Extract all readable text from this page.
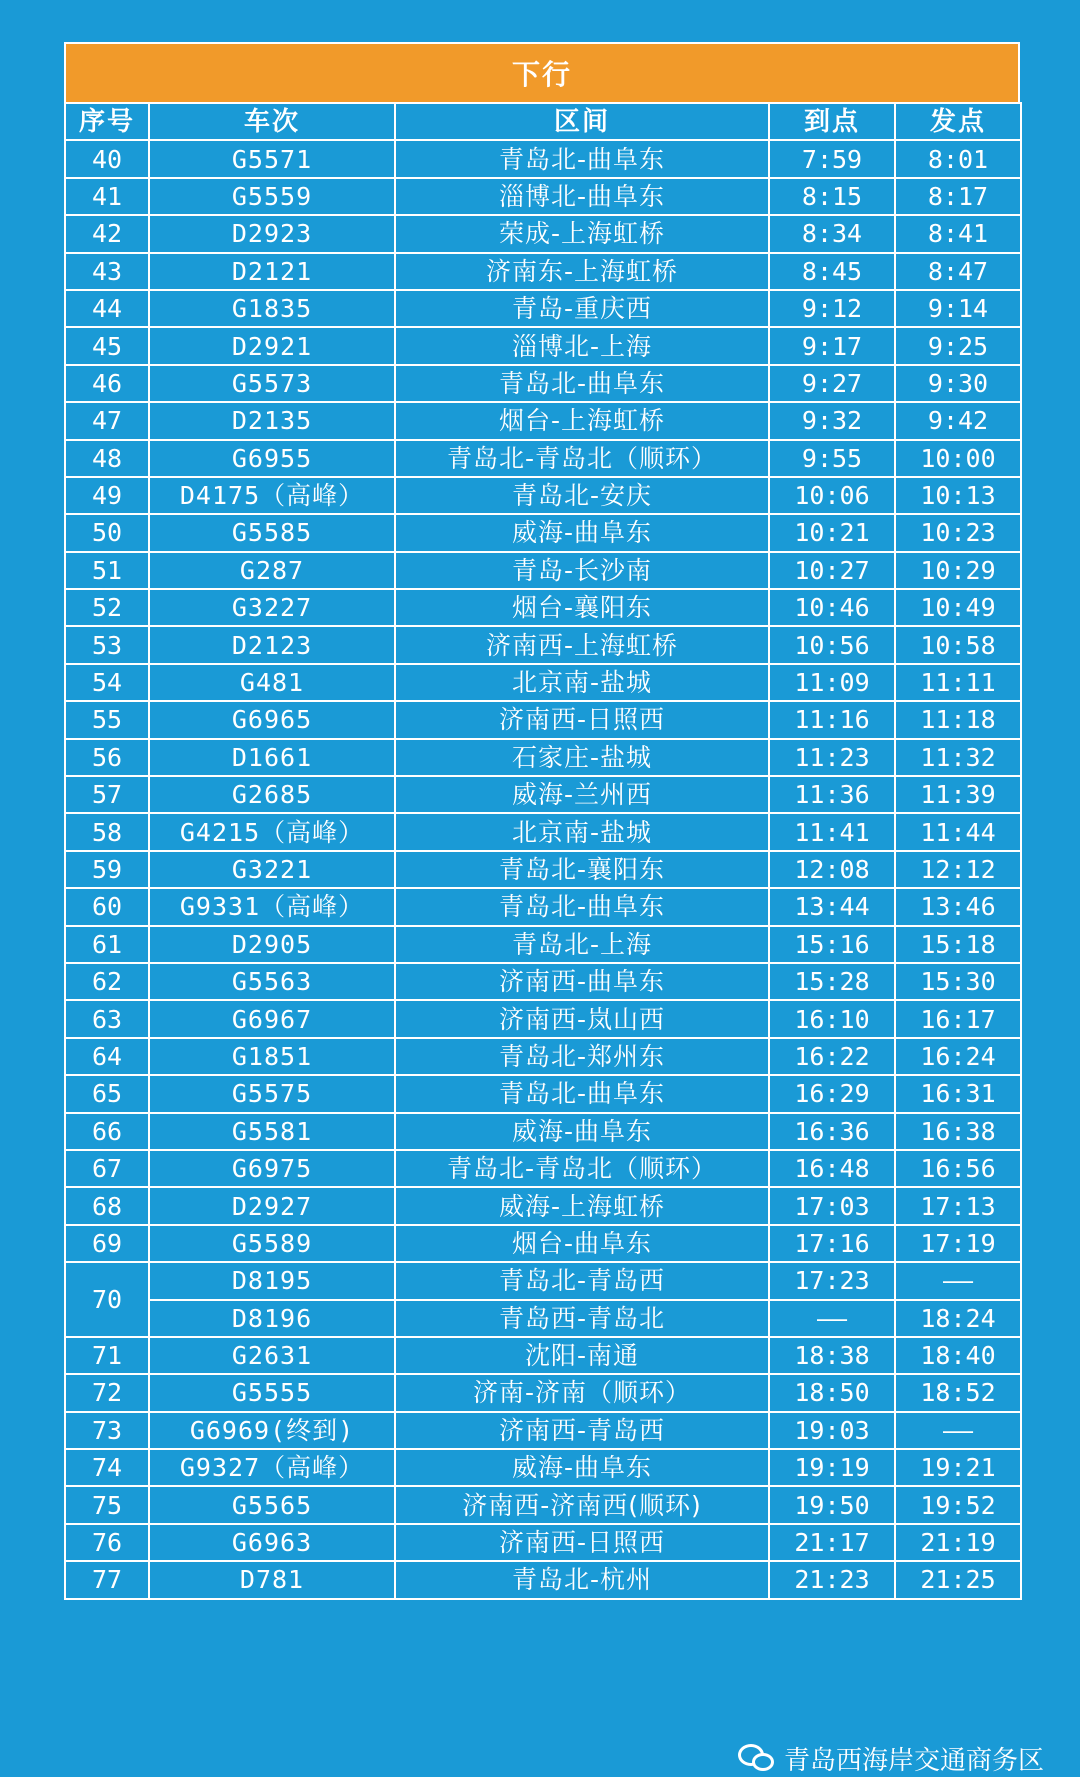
下行
序号	车次	区间	到点	发点
40	G5571	青岛北-曲阜东	7:59	8:01
41	G5559	淄博北-曲阜东	8:15	8:17
42	D2923	荣成-上海虹桥	8:34	8:41
43	D2121	济南东-上海虹桥	8:45	8:47
44	G1835	青岛-重庆西	9:12	9:14
45	D2921	淄博北-上海	9:17	9:25
46	G5573	青岛北-曲阜东	9:27	9:30
47	D2135	烟台-上海虹桥	9:32	9:42
48	G6955	青岛北-青岛北（顺环）	9:55	10:00
49	D4175（高峰）	青岛北-安庆	10:06	10:13
50	G5585	威海-曲阜东	10:21	10:23
51	G287	青岛-长沙南	10:27	10:29
52	G3227	烟台-襄阳东	10:46	10:49
53	D2123	济南西-上海虹桥	10:56	10:58
54	G481	北京南-盐城	11:09	11:11
55	G6965	济南西-日照西	11:16	11:18
56	D1661	石家庄-盐城	11:23	11:32
57	G2685	威海-兰州西	11:36	11:39
58	G4215（高峰）	北京南-盐城	11:41	11:44
59	G3221	青岛北-襄阳东	12:08	12:12
60	G9331（高峰）	青岛北-曲阜东	13:44	13:46
61	D2905	青岛北-上海	15:16	15:18
62	G5563	济南西-曲阜东	15:28	15:30
63	G6967	济南西-岚山西	16:10	16:17
64	G1851	青岛北-郑州东	16:22	16:24
65	G5575	青岛北-曲阜东	16:29	16:31
66	G5581	威海-曲阜东	16:36	16:38
67	G6975	青岛北-青岛北（顺环）	16:48	16:56
68	D2927	威海-上海虹桥	17:03	17:13
69	G5589	烟台-曲阜东	17:16	17:19
70	D8195	青岛北-青岛西	17:23	——
	D8196	青岛西-青岛北	——	18:24
71	G2631	沈阳-南通	18:38	18:40
72	G5555	济南-济南（顺环）	18:50	18:52
73	G6969(终到)	济南西-青岛西	19:03	——
74	G9327（高峰）	威海-曲阜东	19:19	19:21
75	G5565	济南西-济南西(顺环)	19:50	19:52
76	G6963	济南西-日照西	21:17	21:19
77	D781	青岛北-杭州	21:23	21:25
青岛西海岸交通商务区
